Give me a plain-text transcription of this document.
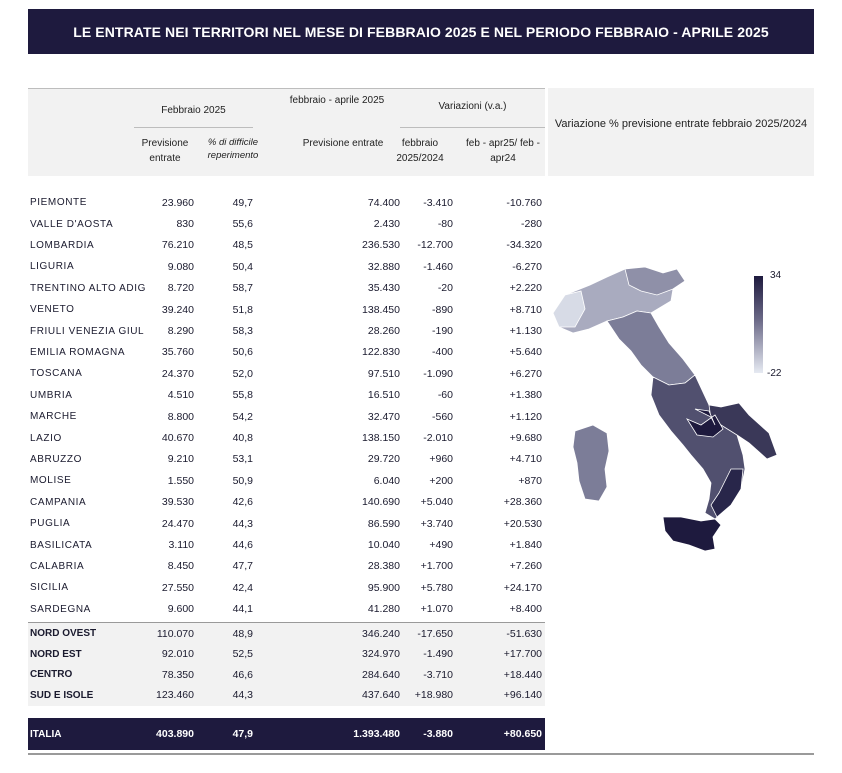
LE ENTRATE NEI TERRITORI NEL MESE DI FEBBRAIO 2025 E NEL PERIODO FEBBRAIO - APRILE 2025
Febbraio 2025
febbraio - aprile 2025
Variazioni (v.a.)
Previsione entrate
% di difficile reperimento
Previsione entrate	febbraio 2025/2024
feb - apr25/ feb - apr24
PIEMONTE	23.960	49,7	74.400	-3.410	-10.760
VALLE D'AOSTA	830	55,6	2.430	-80	-280
LOMBARDIA	76.210	48,5	236.530	-12.700	-34.320
LIGURIA	9.080	50,4	32.880	-1.460	-6.270
TRENTINO ALTO ADIG	8.720	58,7	35.430	-20	+2.220
VENETO	39.240	51,8	138.450	-890	+8.710
FRIULI VENEZIA GIUL	8.290	58,3	28.260	-190	+1.130
EMILIA ROMAGNA	35.760	50,6	122.830	-400	+5.640
TOSCANA	24.370	52,0	97.510	-1.090	+6.270
UMBRIA	4.510	55,8	16.510	-60	+1.380
MARCHE	8.800	54,2	32.470	-560	+1.120
LAZIO	40.670	40,8	138.150	-2.010	+9.680
ABRUZZO	9.210	53,1	29.720	+960	+4.710
MOLISE	1.550	50,9	6.040	+200	+870
CAMPANIA	39.530	42,6	140.690	+5.040	+28.360
PUGLIA	24.470	44,3	86.590	+3.740	+20.530
BASILICATA	3.110	44,6	10.040	+490	+1.840
CALABRIA	8.450	47,7	28.380	+1.700	+7.260
SICILIA	27.550	42,4	95.900	+5.780	+24.170
SARDEGNA	9.600	44,1	41.280	+1.070	+8.400
NORD OVEST	110.070	48,9	346.240	-17.650	-51.630
NORD EST	92.010	52,5	324.970	-1.490	+17.700
CENTRO	78.350	46,6	284.640	-3.710	+18.440
SUD E ISOLE	123.460	44,3	437.640	+18.980	+96.140
ITALIA	403.890	47,9	1.393.480	-3.880	+80.650
Variazione % previsione entrate febbraio 2025/2024
34
-22
